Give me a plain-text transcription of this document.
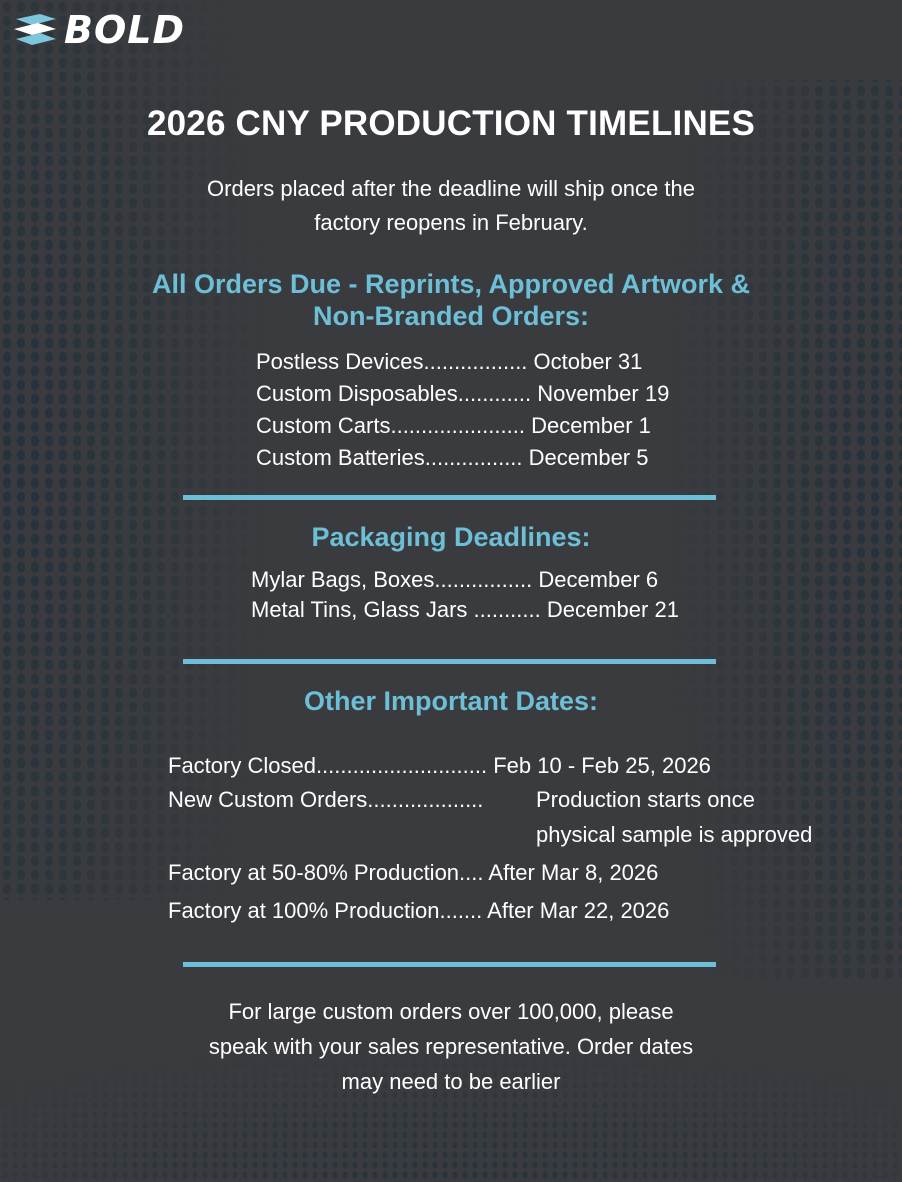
BOLD
2026 CNY PRODUCTION TIMELINES
Orders placed after the deadline will ship once the
factory reopens in February.
All Orders Due - Reprints, Approved Artwork &
Non-Branded Orders:
Postless Devices................. October 31
Custom Disposables............ November 19
Custom Carts...................... December 1
Custom Batteries................ December 5
Packaging Deadlines:
Mylar Bags, Boxes................ December 6
Metal Tins, Glass Jars ........... December 21
Other Important Dates:
Factory Closed............................ Feb 10 - Feb 25, 2026
New Custom Orders................... Production starts once
physical sample is approved
Factory at 50-80% Production.... After Mar 8, 2026
Factory at 100% Production....... After Mar 22, 2026
For large custom orders over 100,000, please
speak with your sales representative. Order dates
may need to be earlier
